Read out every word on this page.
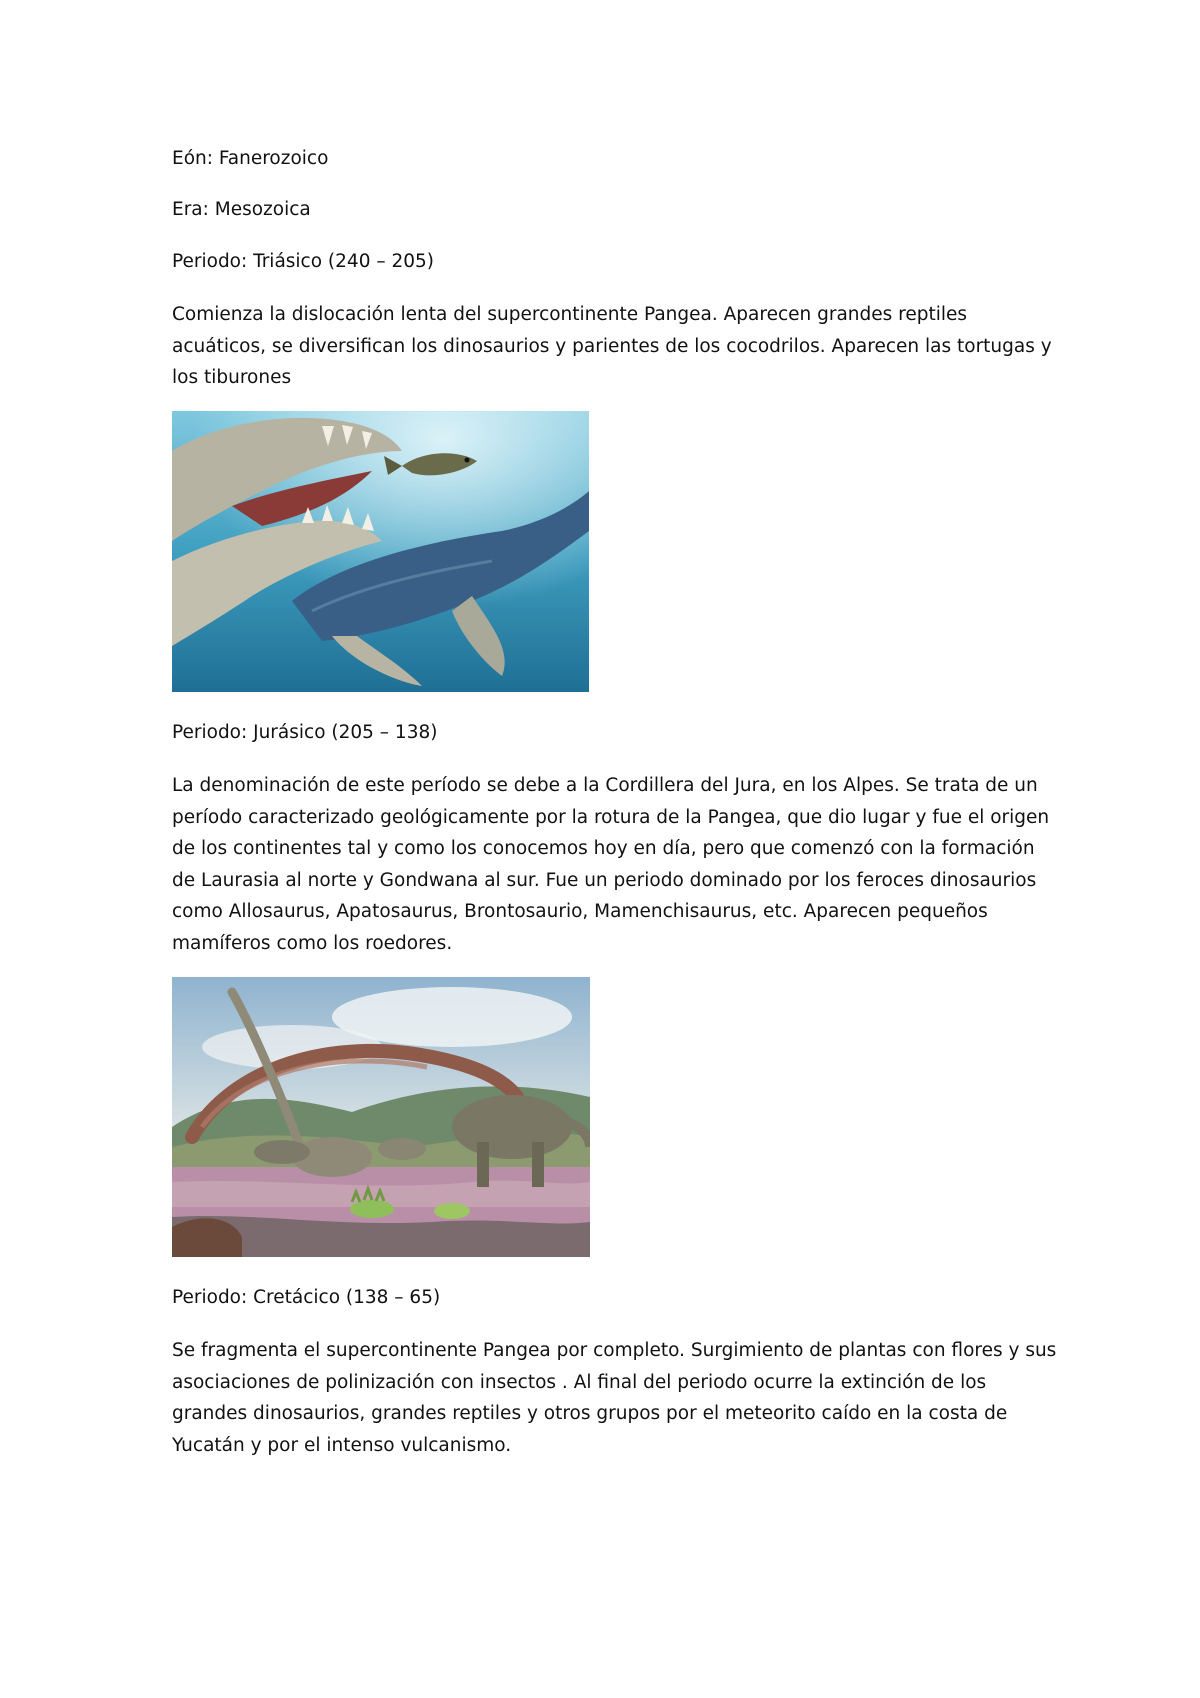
Eón: Fanerozoico
Era: Mesozoica
Periodo: Triásico (240 – 205)
Comienza la dislocación lenta del supercontinente Pangea. Aparecen grandes reptiles
acuáticos, se diversifican los dinosaurios y parientes de los cocodrilos. Aparecen las tortugas y
los tiburones
Periodo: Jurásico (205 – 138)
La denominación de este período se debe a la Cordillera del Jura, en los Alpes. Se trata de un
período caracterizado geológicamente por la rotura de la Pangea, que dio lugar y fue el origen
de los continentes tal y como los conocemos hoy en día, pero que comenzó con la formación
de Laurasia al norte y Gondwana al sur. Fue un periodo dominado por los feroces dinosaurios
como Allosaurus, Apatosaurus, Brontosaurio, Mamenchisaurus, etc. Aparecen pequeños
mamíferos como los roedores.
Periodo: Cretácico (138 – 65)
Se fragmenta el supercontinente Pangea por completo. Surgimiento de plantas con flores y sus
asociaciones de polinización con insectos . Al final del periodo ocurre la extinción de los
grandes dinosaurios, grandes reptiles y otros grupos por el meteorito caído en la costa de
Yucatán y por el intenso vulcanismo.
